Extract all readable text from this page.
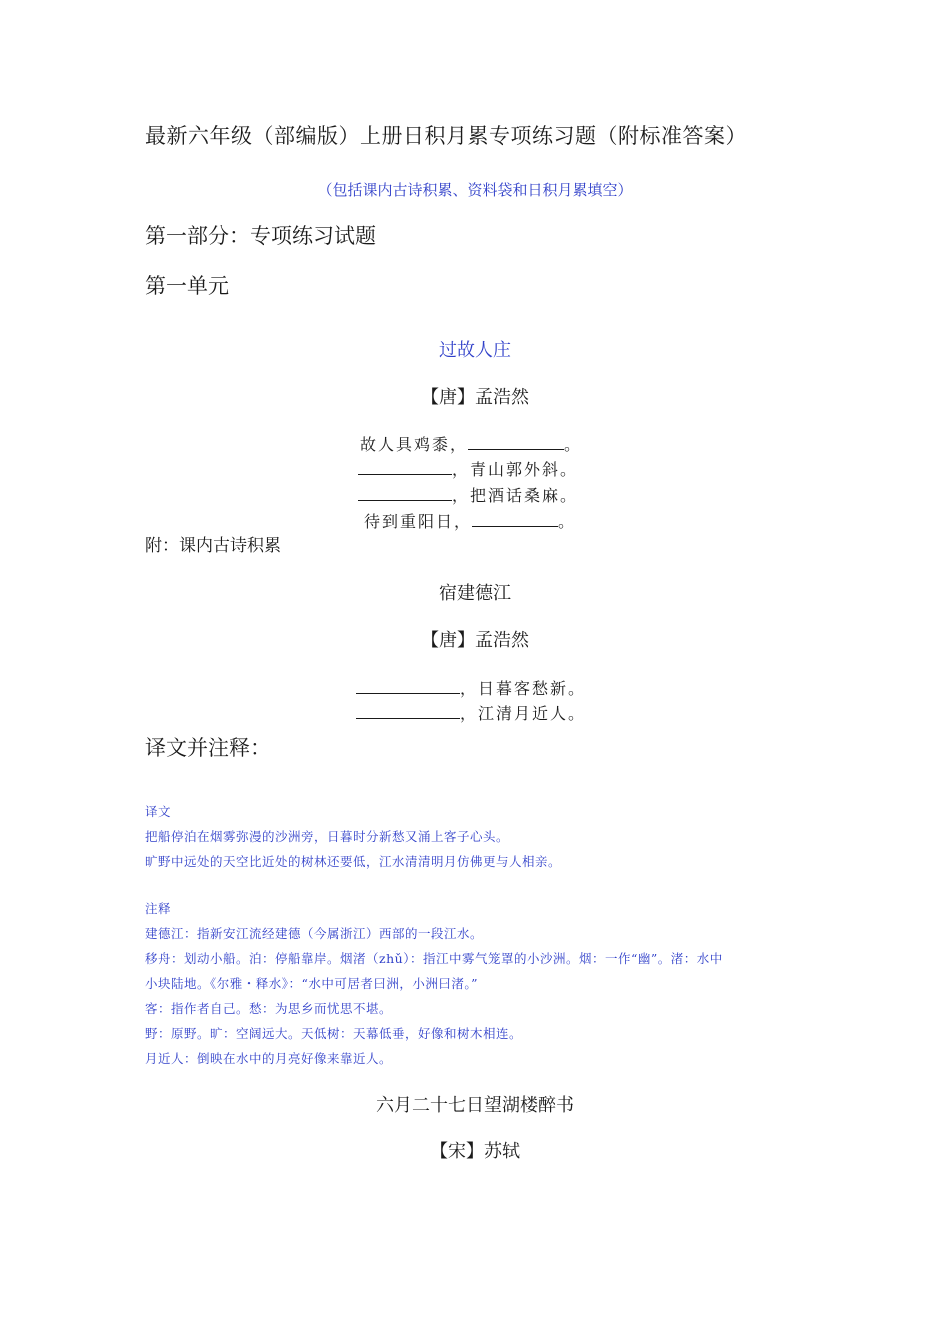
最新六年级（部编版）上册日积月累专项练习题（附标准答案）
（包括课内古诗积累、资料袋和日积月累填空）
第一部分：专项练习试题
第一单元
过故人庄
【唐】孟浩然
故人具鸡黍，	。
，青山郭外斜。
，把酒话桑麻。
待到重阳日，	。
附：课内古诗积累
宿建德江
【唐】孟浩然
，日暮客愁新。
，江清月近人。
译文并注释：
译文
把船停泊在烟雾弥漫的沙洲旁，日暮时分新愁又涌上客子心头。
旷野中远处的天空比近处的树林还要低，江水清清明月仿佛更与人相亲。
注释
建德江：指新安江流经建德（今属浙江）西部的一段江水。
移舟：划动小船。泊：停船靠岸。烟渚（zhǔ）：指江中雾气笼罩的小沙洲。烟：一作“幽”。渚：水中
小块陆地。《尔雅・释水》：“水中可居者曰洲，小洲曰渚。”
客：指作者自己。愁：为思乡而忧思不堪。
野：原野。旷：空阔远大。天低树：天幕低垂，好像和树木相连。
月近人：倒映在水中的月亮好像来靠近人。
六月二十七日望湖楼醉书
【宋】苏轼
